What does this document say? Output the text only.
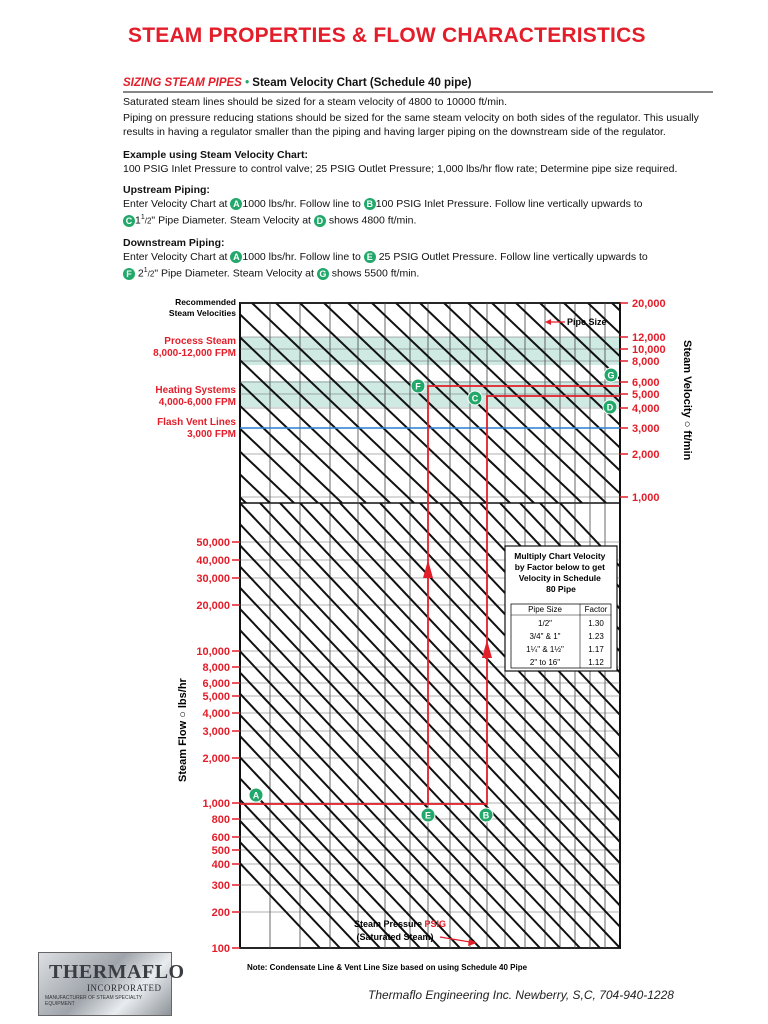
STEAM PROPERTIES & FLOW CHARACTERISTICS
SIZING STEAM PIPES • Steam Velocity Chart (Schedule 40 pipe)
Saturated steam lines should be sized for a steam velocity of 4800 to 10000 ft/min.
Piping on pressure reducing stations should be sized for the same steam velocity on both sides of the regulator. This usually results in having a regulator smaller than the piping and having larger piping on the downstream side of the regulator.
Example using Steam Velocity Chart:
100 PSIG Inlet Pressure to control valve; 25 PSIG Outlet Pressure; 1,000 lbs/hr flow rate; Determine pipe size required.
Upstream Piping:
Enter Velocity Chart at A 1000 lbs/hr. Follow line to B 100 PSIG Inlet Pressure. Follow line vertically upwards to
C $1^1/2$" Pipe Diameter. Steam Velocity at D shows 4800 ft/min.
Downstream Piping:
Enter Velocity Chart at A 1000 lbs/hr. Follow line to E 25 PSIG Outlet Pressure. Follow line vertically upwards to
F $2^1/2$" Pipe Diameter. Steam Velocity at G shows 5500 ft/min.
Multiply Chart Velocity by Factor below to get Velocity in Schedule 80 Pipe
Pipe Size	Factor
1/2"	1.30
3/4" & 1"	1.23
1¼" & 1½"	1.17
2" to 16"	1.12
20,000
12,000
10,000
8,000
6,000
5,000
4,000
3,000
2,000
1,000
50,000
40,000
30,000
20,000
10,000
8,000
6,000
5,000
4,000
3,000
2,000
1,000
800
600
500
400
300
200
100
Recommended Steam Velocities
Process Steam 8,000-12,000 FPM
Heating Systems 4,000-6,000 FPM
Flash Vent Lines 3,000 FPM	Steam Velocity ○ ft/min
Steam Flow ○ lbs/hr
Pipe Size
Steam Pressure PSIG
(Saturated Steam)
Note: Condensate Line & Vent Line Size based on using Schedule 40 Pipe
A
B
C
D
E
F
G
THERMAFLO
INCORPORATED
MANUFACTURER OF STEAM SPECIALTY EQUIPMENT
Thermaflo Engineering Inc. Newberry, S,C, 704-940-1228
